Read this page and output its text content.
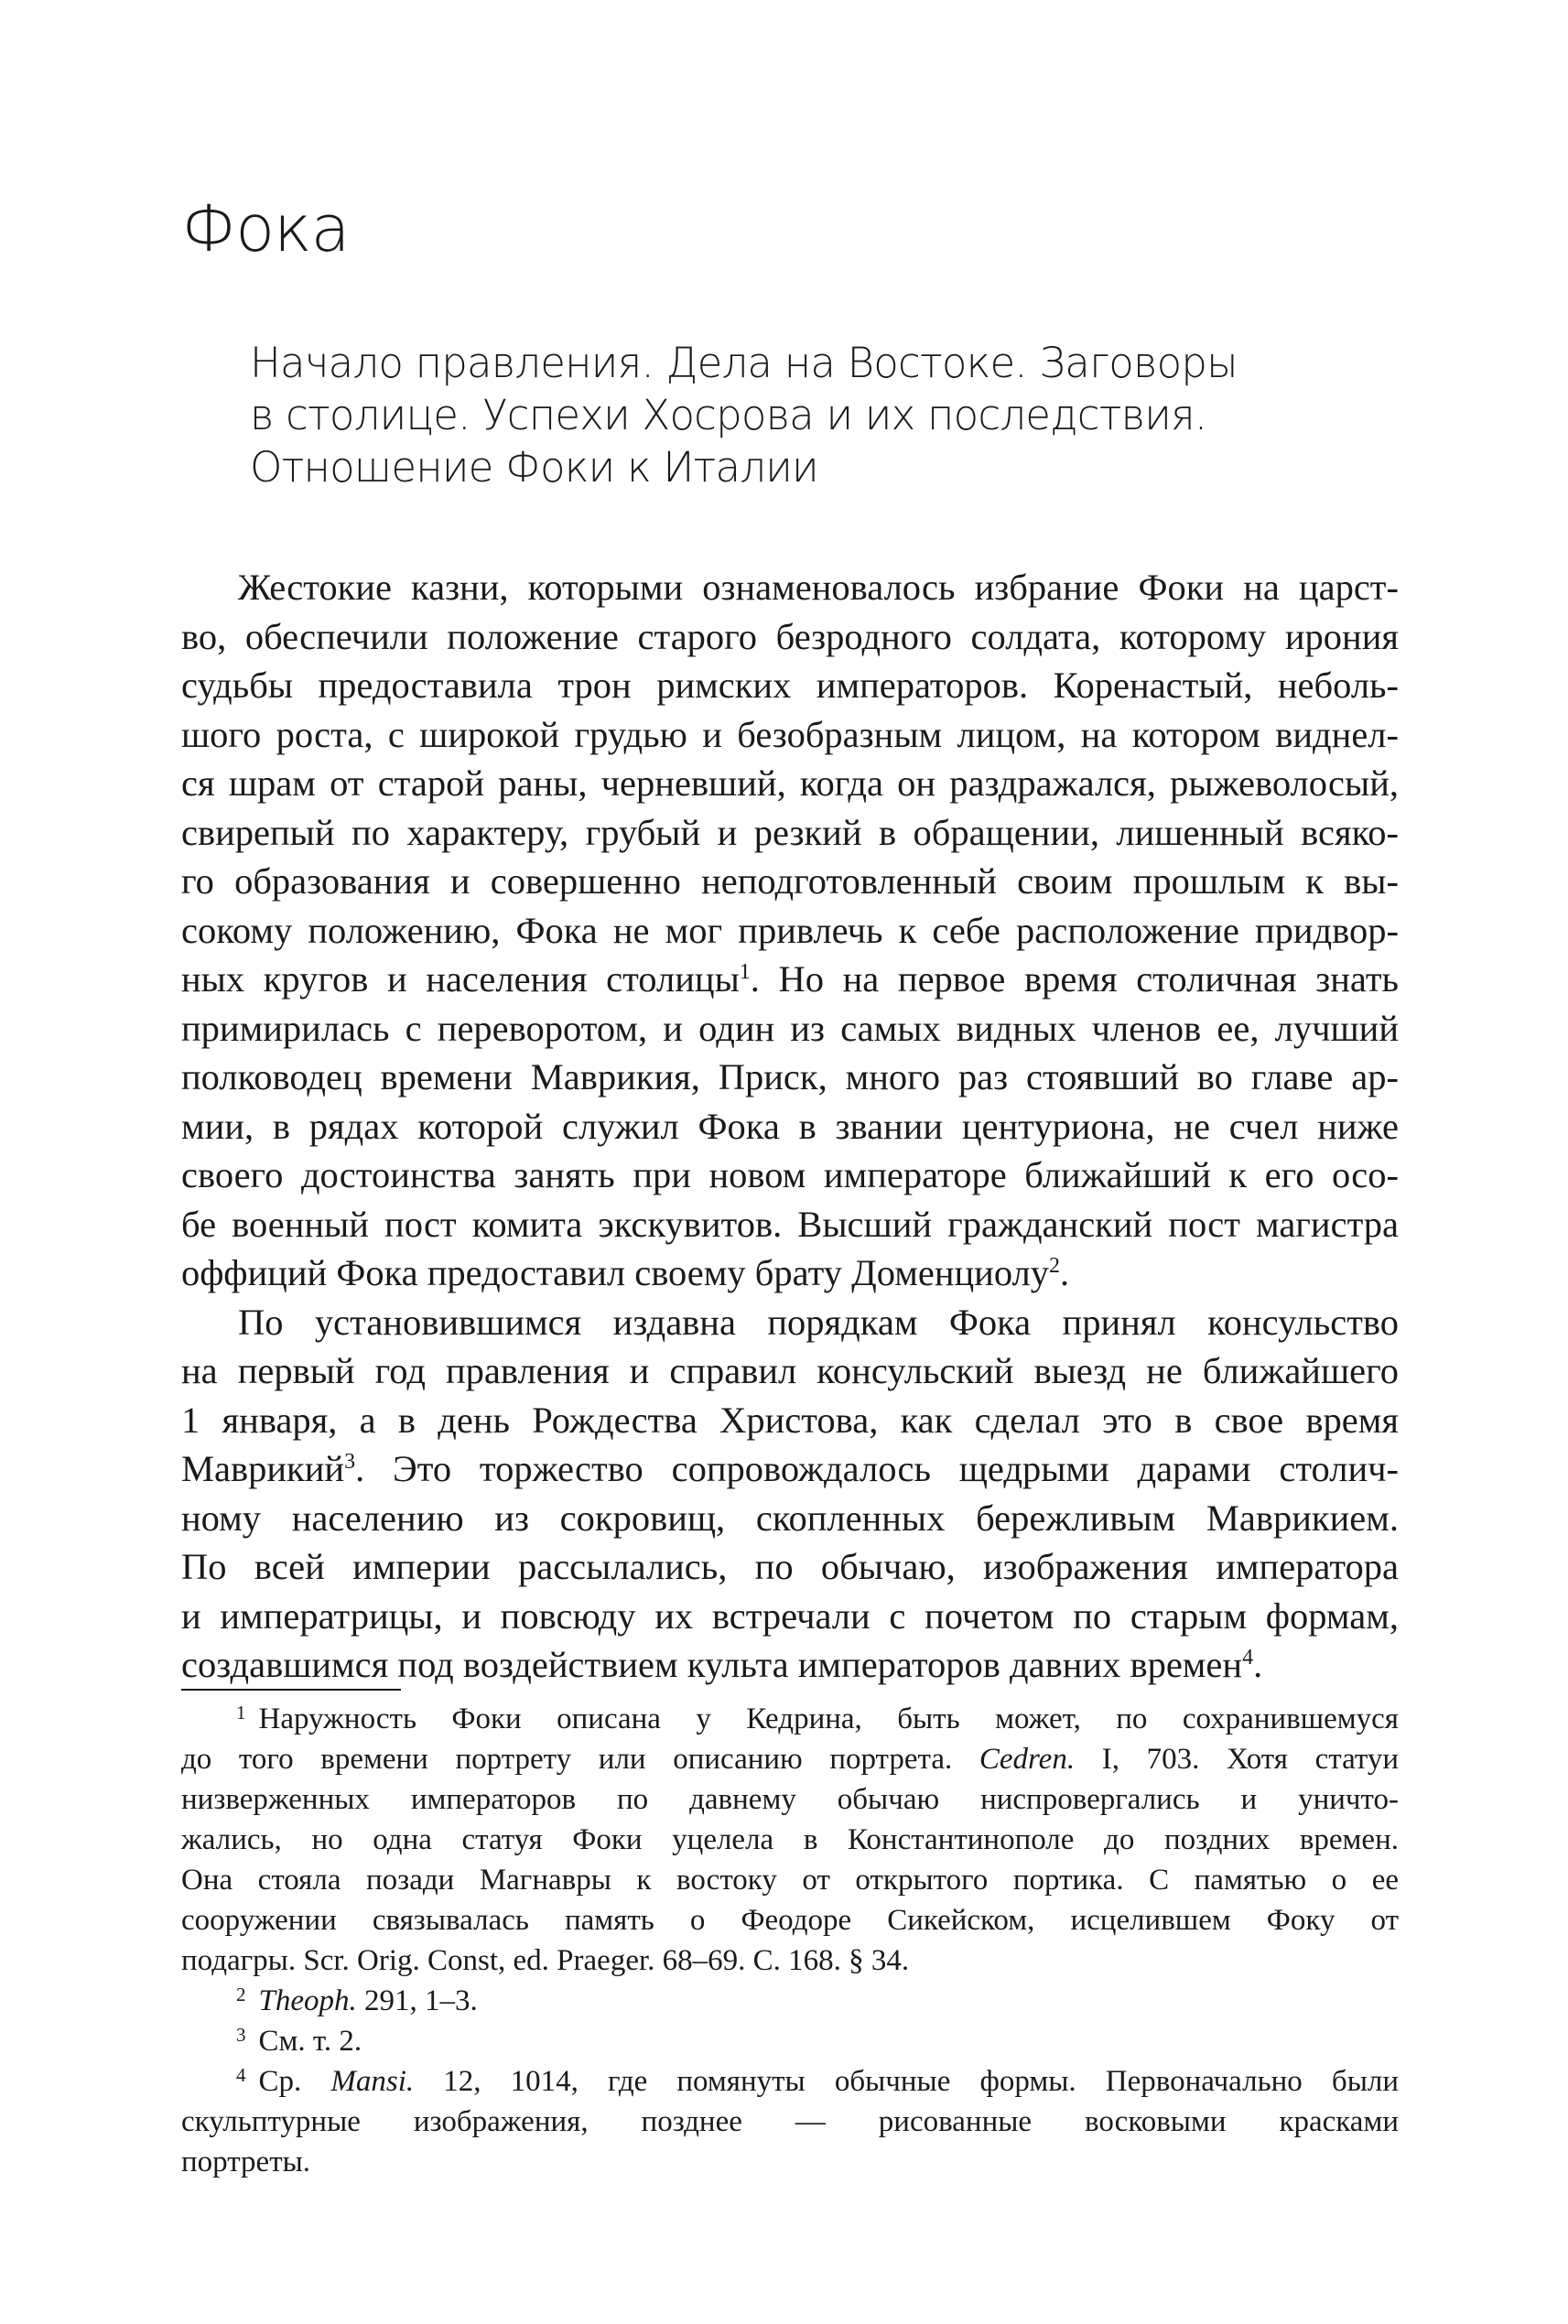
Фока
Начало правления. Дела на Востоке. Заговоры
в столице. Успехи Хосрова и их последствия.
Отношение Фоки к Италии
Жестокие казни, которыми ознаменовалось избрание Фоки на царст-
во, обеспечили положение старого безродного солдата, которому ирония
судьбы предоставила трон римских императоров. Коренастый, неболь-
шого роста, с широкой грудью и безобразным лицом, на котором виднел-
ся шрам от старой раны, черневший, когда он раздражался, рыжеволосый,
свирепый по характеру, грубый и резкий в обращении, лишенный всяко-
го образования и совершенно неподготовленный своим прошлым к вы-
сокому положению, Фока не мог привлечь к себе расположение придвор-
ных кругов и населения столицы$^1$. Но на первое время столичная знать
примирилась с переворотом, и один из самых видных членов ее, лучший
полководец времени Маврикия, Приск, много раз стоявший во главе ар-
мии, в рядах которой служил Фока в звании центуриона, не счел ниже
своего достоинства занять при новом императоре ближайший к его осо-
бе военный пост комита экскувитов. Высший гражданский пост магистра
оффиций Фока предоставил своему брату Доменциолу$^2$.
По установившимся издавна порядкам Фока принял консульство
на первый год правления и справил консульский выезд не ближайшего
1 января, а в день Рождества Христова, как сделал это в свое время
Маврикий$^3$. Это торжество сопровождалось щедрыми дарами столич-
ному населению из сокровищ, скопленных бережливым Маврикием.
По всей империи рассылались, по обычаю, изображения императора
и императрицы, и повсюду их встречали с почетом по старым формам,
создавшимся под воздействием культа императоров давних времен$^4$.
$^1$ Наружность Фоки описана у Кедрина, быть может, по сохранившемуся
до того времени портрету или описанию портрета. Cedren. I, 703. Хотя статуи
низверженных императоров по давнему обычаю ниспровергались и уничто-
жались, но одна статуя Фоки уцелела в Константинополе до поздних времен.
Она стояла позади Магнавры к востоку от открытого портика. С памятью о ее
сооружении связывалась память о Феодоре Сикейском, исцелившем Фоку от
подагры. Scr. Orig. Const, ed. Praeger. 68–69. C. 168. § 34.
$^2$ Theoph. 291, 1–3.
$^3$ См. т. 2.
$^4$ Ср. Mansi. 12, 1014, где помянуты обычные формы. Первоначально были
скульптурные изображения, позднее — рисованные восковыми красками
портреты.
